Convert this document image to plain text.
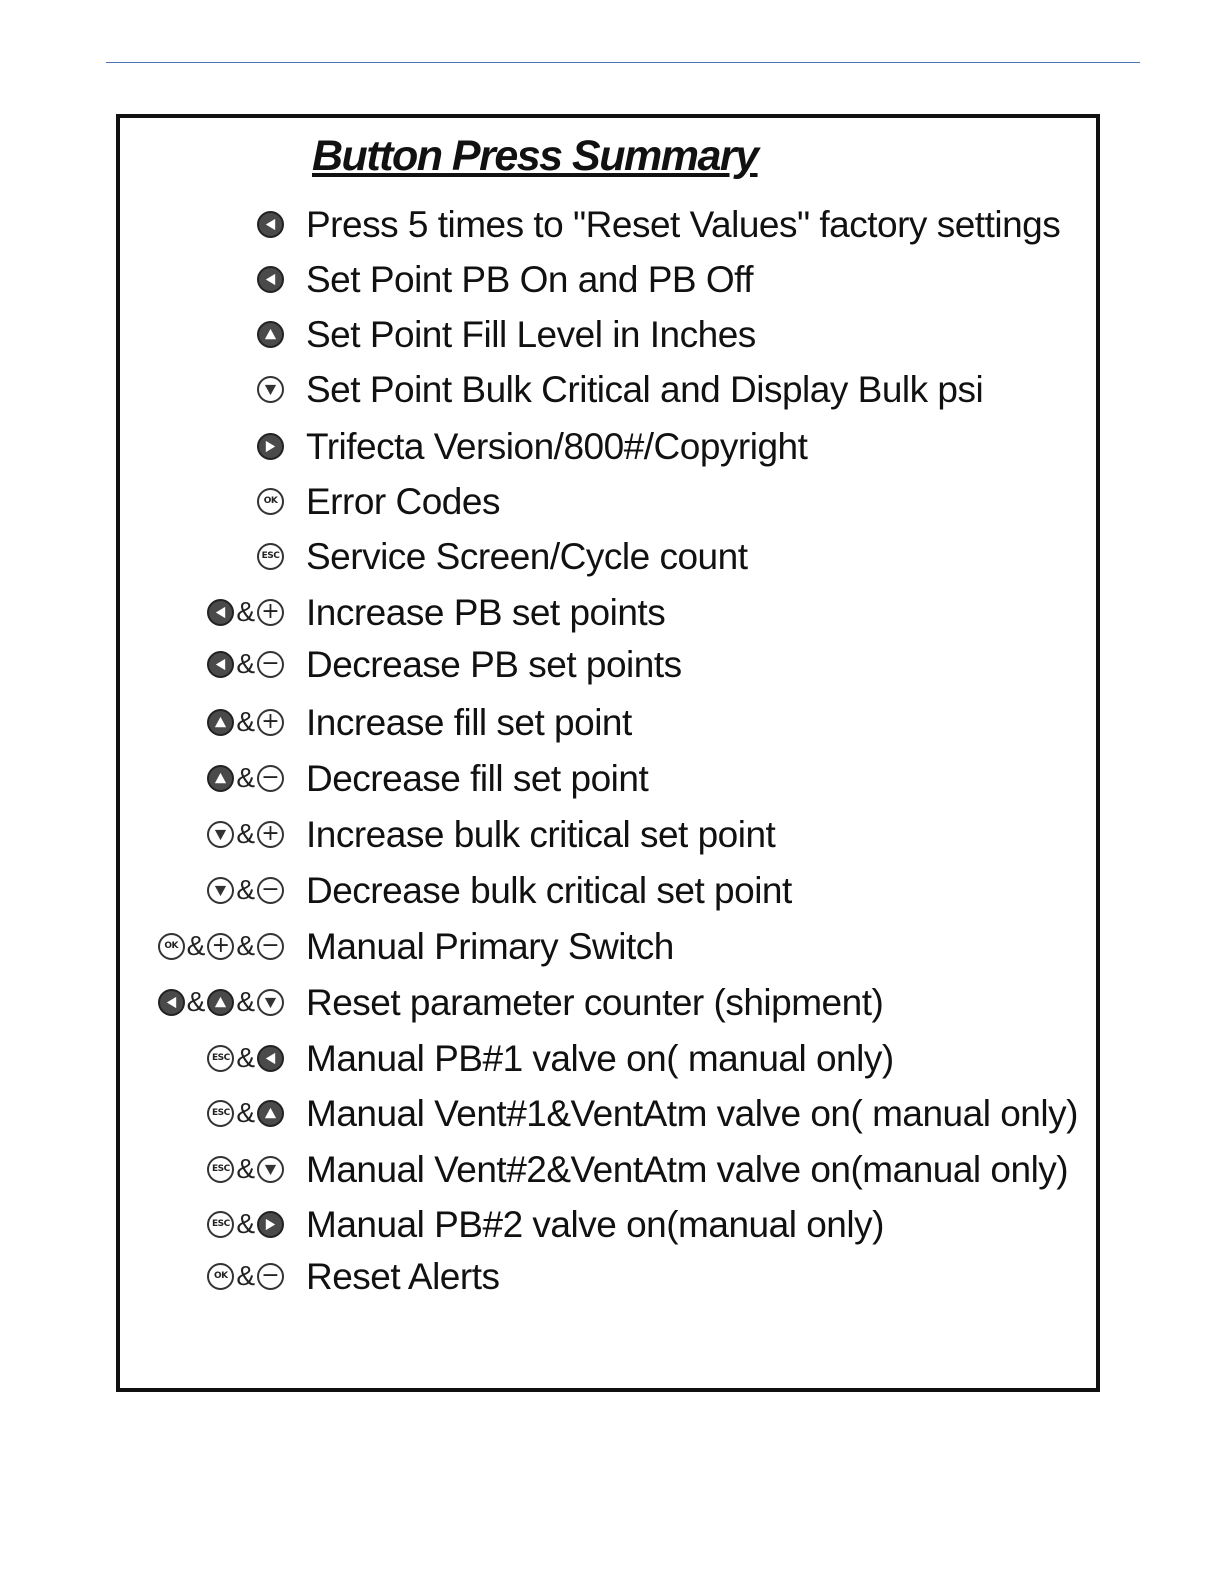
Button Press Summary
Press 5 times to "Reset Values" factory settings
Set Point PB On and PB Off
Set Point Fill Level in Inches
Set Point Bulk Critical and Display Bulk psi
Trifecta Version/800#/Copyright
OK Error Codes
ESC Service Screen/Cycle count
& + Increase PB set points
& − Decrease PB set points
& + Increase fill set point
& − Decrease fill set point
& + Increase bulk critical set point
& − Decrease bulk critical set point
OK & + & − Manual Primary Switch
& & Reset parameter counter (shipment)
ESC & Manual PB#1 valve on( manual only)
ESC & Manual Vent#1&VentAtm valve on( manual only)
ESC & Manual Vent#2&VentAtm valve on(manual only)
ESC & Manual PB#2 valve on(manual only)
OK & − Reset Alerts
